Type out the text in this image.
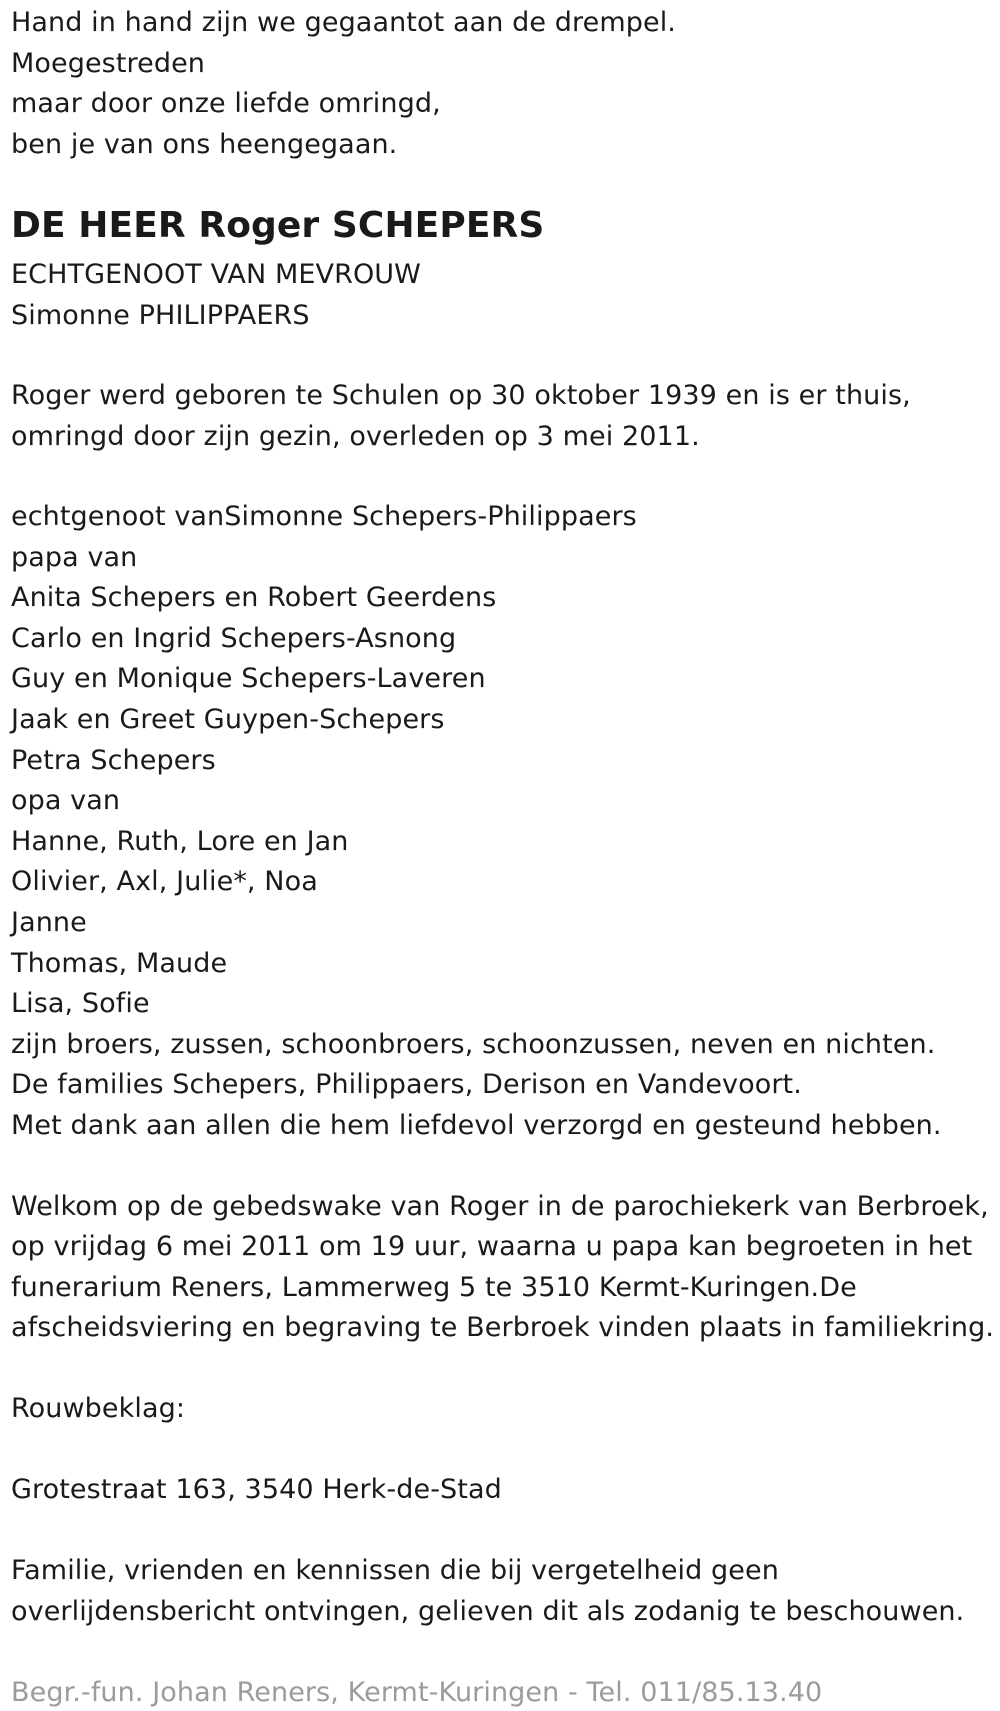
Hand in hand zijn we gegaantot aan de drempel.
Moegestreden
maar door onze liefde omringd,
ben je van ons heengegaan.
DE HEER Roger SCHEPERS
ECHTGENOOT VAN MEVROUW
Simonne PHILIPPAERS
Roger werd geboren te Schulen op 30 oktober 1939 en is er thuis,
omringd door zijn gezin, overleden op 3 mei 2011.
echtgenoot vanSimonne Schepers-Philippaers
papa van
Anita Schepers en Robert Geerdens
Carlo en Ingrid Schepers-Asnong
Guy en Monique Schepers-Laveren
Jaak en Greet Guypen-Schepers
Petra Schepers
opa van
Hanne, Ruth, Lore en Jan
Olivier, Axl, Julie*, Noa
Janne
Thomas, Maude
Lisa, Sofie
zijn broers, zussen, schoonbroers, schoonzussen, neven en nichten.
De families Schepers, Philippaers, Derison en Vandevoort.
Met dank aan allen die hem liefdevol verzorgd en gesteund hebben.
Welkom op de gebedswake van Roger in de parochiekerk van Berbroek,
op vrijdag 6 mei 2011 om 19 uur, waarna u papa kan begroeten in het
funerarium Reners, Lammerweg 5 te 3510 Kermt-Kuringen.De
afscheidsviering en begraving te Berbroek vinden plaats in familiekring.
Rouwbeklag:
Grotestraat 163, 3540 Herk-de-Stad
Familie, vrienden en kennissen die bij vergetelheid geen
overlijdensbericht ontvingen, gelieven dit als zodanig te beschouwen.
Begr.-fun. Johan Reners, Kermt-Kuringen - Tel. 011/85.13.40
